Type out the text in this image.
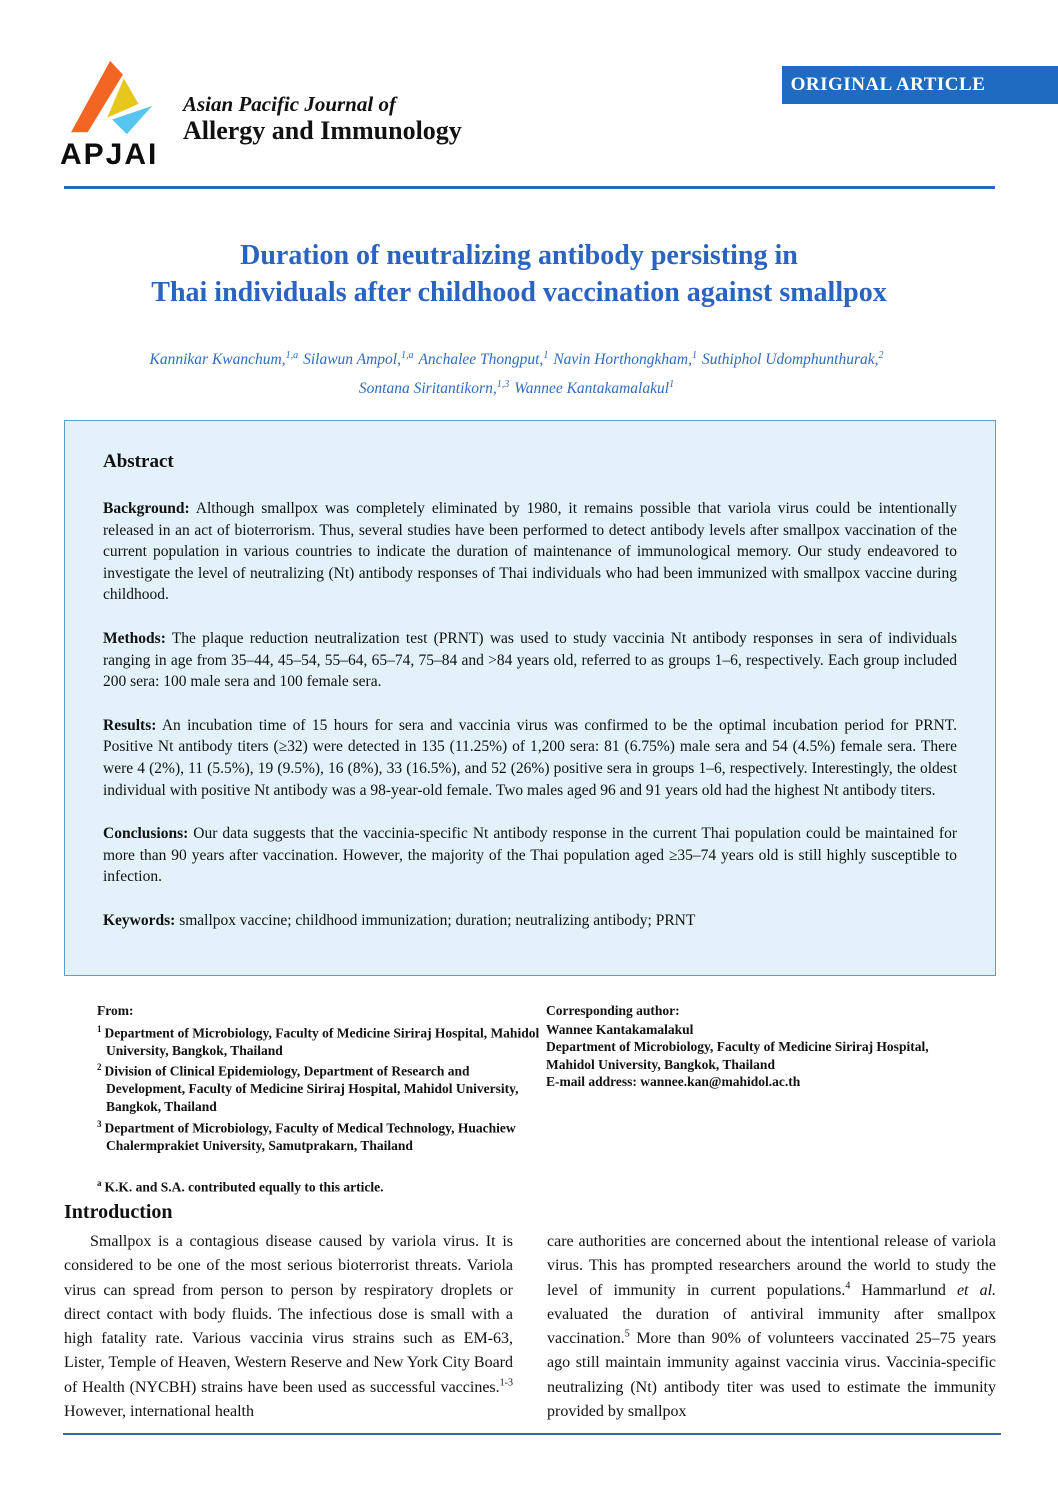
APJAI
Asian Pacific Journal of
Allergy and Immunology
ORIGINAL ARTICLE
Duration of neutralizing antibody persisting in
Thai individuals after childhood vaccination against smallpox
Kannikar Kwanchum,$^{1,a}$ Silawun Ampol,$^{1,a}$ Anchalee Thongput,$^1$ Navin Horthongkham,$^1$ Suthiphol Udomphunthurak,$^2$
Sontana Siritantikorn,$^{1,3}$ Wannee Kantakamalakul$^1$
Abstract

Background: Although smallpox was completely eliminated by 1980, it remains possible that variola virus could be intentionally released in an act of bioterrorism. Thus, several studies have been performed to detect antibody levels after smallpox vaccination of the current population in various countries to indicate the duration of maintenance of immunological memory. Our study endeavored to investigate the level of neutralizing (Nt) antibody responses of Thai individuals who had been immunized with smallpox vaccine during childhood.

Methods: The plaque reduction neutralization test (PRNT) was used to study vaccinia Nt antibody responses in sera of individuals ranging in age from 35–44, 45–54, 55–64, 65–74, 75–84 and >84 years old, referred to as groups 1–6, respectively. Each group included 200 sera: 100 male sera and 100 female sera.

Results: An incubation time of 15 hours for sera and vaccinia virus was confirmed to be the optimal incubation period for PRNT. Positive Nt antibody titers (≥32) were detected in 135 (11.25%) of 1,200 sera: 81 (6.75%) male sera and 54 (4.5%) female sera. There were 4 (2%), 11 (5.5%), 19 (9.5%), 16 (8%), 33 (16.5%), and 52 (26%) positive sera in groups 1–6, respectively. Interestingly, the oldest individual with positive Nt antibody was a 98-year-old female. Two males aged 96 and 91 years old had the highest Nt antibody titers.

Conclusions: Our data suggests that the vaccinia-specific Nt antibody response in the current Thai population could be maintained for more than 90 years after vaccination. However, the majority of the Thai population aged ≥35–74 years old is still highly susceptible to infection.

Keywords: smallpox vaccine; childhood immunization; duration; neutralizing antibody; PRNT

From:
$^1$ Department of Microbiology, Faculty of Medicine Siriraj Hospital, Mahidol University, Bangkok, Thailand
$^2$ Division of Clinical Epidemiology, Department of Research and Development, Faculty of Medicine Siriraj Hospital, Mahidol University, Bangkok, Thailand
$^3$ Department of Microbiology, Faculty of Medical Technology, Huachiew Chalermprakiet University, Samutprakarn, Thailand
$^a$ K.K. and S.A. contributed equally to this article.
Corresponding author:
Wannee Kantakamalakul
Department of Microbiology, Faculty of Medicine Siriraj Hospital,
Mahidol University, Bangkok, Thailand
E-mail address: wannee.kan@mahidol.ac.th
Introduction

Smallpox is a contagious disease caused by variola virus. It is considered to be one of the most serious bioterrorist threats. Variola virus can spread from person to person by respiratory droplets or direct contact with body fluids. The infectious dose is small with a high fatality rate. Various vaccinia virus strains such as EM-63, Lister, Temple of Heaven, Western Reserve and New York City Board of Health (NYCBH) strains have been used as successful vaccines.$^{1-3}$ However, international health

care authorities are concerned about the intentional release of variola virus. This has prompted researchers around the world to study the level of immunity in current populations.$^4$ Hammarlund et al. evaluated the duration of antiviral immunity after smallpox vaccination.$^5$ More than 90% of volunteers vaccinated 25–75 years ago still maintain immunity against vaccinia virus. Vaccinia-specific neutralizing (Nt) antibody titer was used to estimate the immunity provided by smallpox
